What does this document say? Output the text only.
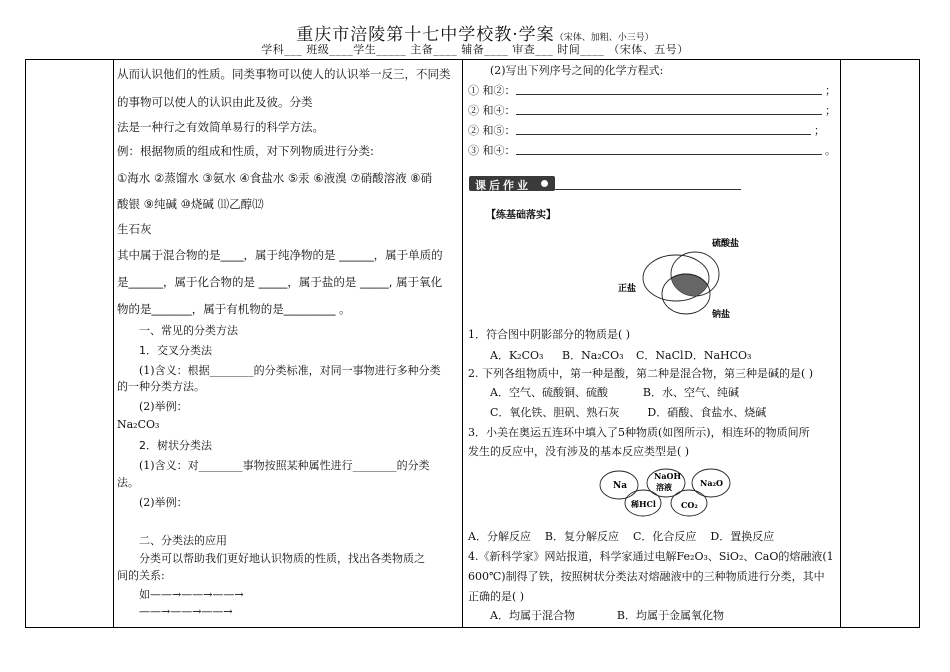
重庆市涪陵第十七中学校教·学案（宋体、加粗、小三号）
学科___ 班级____学生_____ 主备____ 辅备____ 审查___ 时间____ （宋体、五号）
从而认识他们的性质。同类事物可以使人的认识举一反三，不同类
的事物可以使人的认识由此及彼。分类
法是一种行之有效简单易行的科学方法。
例：根据物质的组成和性质，对下列物质进行分类:
①海水 ②蒸馏水 ③氨水 ④食盐水 ⑤汞 ⑥液溴 ⑦硝酸溶液 ⑧硝
酸银 ⑨纯碱 ⑩烧碱 ⑾乙醇⑿
生石灰
其中属于混合物的是____，属于纯净物的是 ______，属于单质的
是______，属于化合物的是 _____，属于盐的是 _____, 属于氧化
物的是_______，属于有机物的是_________ 。
一、常见的分类方法
1．交叉分类法
(1)含义：根据________的分类标准，对同一事物进行多种分类
的一种分类方法。
(2)举例：
Na₂CO₃
2．树状分类法
(1)含义：对________事物按照某种属性进行________的分类
法。
(2)举例：
二、分类法的应用
分类可以帮助我们更好地认识物质的性质，找出各类物质之
间的关系:
如——→——→——→
——→——→——→
(2)写出下列序号之间的化学方程式:
① 和②：	；
② 和④：	；
② 和⑤：	；
③ 和④：	。
课后作业
【练基础落实】
硫酸盐
正盐
钠盐
1．符合图中阴影部分的物质是( )
A．K₂CO₃ B．Na₂CO₃ C．NaCl D．NaHCO₃
2. 下列各组物质中，第一种是酸，第二种是混合物，第三种是碱的是( )
A．空气、硫酸铜、硫酸          B．水、空气、纯碱
C．氧化铁、胆矾、熟石灰        D．硝酸、食盐水、烧碱
3．小美在奥运五连环中填入了5种物质(如图所示)，相连环的物质间所
发生的反应中，没有涉及的基本反应类型是( )
Na
NaOH
溶液	Na₂O
稀HCl	CO₂
A．分解反应    B．复分解反应    C．化合反应    D．置换反应
4.《新科学家》网站报道，科学家通过电解Fe₂O₃、SiO₂、CaO的熔融液(1
600℃)制得了铁，按照树状分类法对熔融液中的三种物质进行分类，其中
正确的是( )
A．均属于混合物            B．均属于金属氧化物
